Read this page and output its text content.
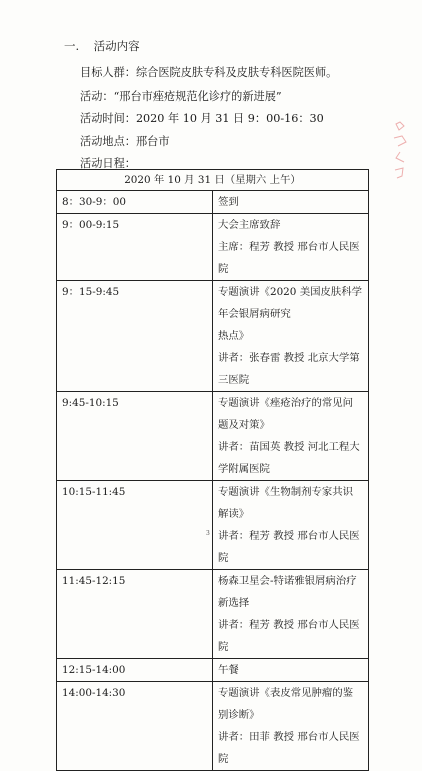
一. 活动内容
目标人群：综合医院皮肤专科及皮肤专科医院医师。
活动：“邢台市痤疮规范化诊疗的新进展”
活动时间：2020 年 10 月 31 日 9：00-16：30
活动地点：邢台市
活动日程：
2020 年 10 月 31 日（星期六 上午）	
8：30-9：00	签到

9：00-9:15	大会主席致辞
主席：程芳 教授 邢台市人民医院

9：15-9:45	专题演讲《2020 美国皮肤科学年会银屑病研究
热点》
讲者：张春雷 教授 北京大学第三医院

9:45-10:15	专题演讲《痤疮治疗的常见问题及对策》
讲者：苗国英 教授 河北工程大学附属医院

10:15-11:45	专题演讲《生物制剂专家共识解读》
讲者：程芳 教授 邢台市人民医院

11:45-12:15	杨森卫星会-特诺雅银屑病治疗新选择
讲者：程芳 教授 邢台市人民医院

12:15-14:00	午餐

14:00-14:30	专题演讲《表皮常见肿瘤的鉴别诊断》
讲者：田菲 教授 邢台市人民医院
3
